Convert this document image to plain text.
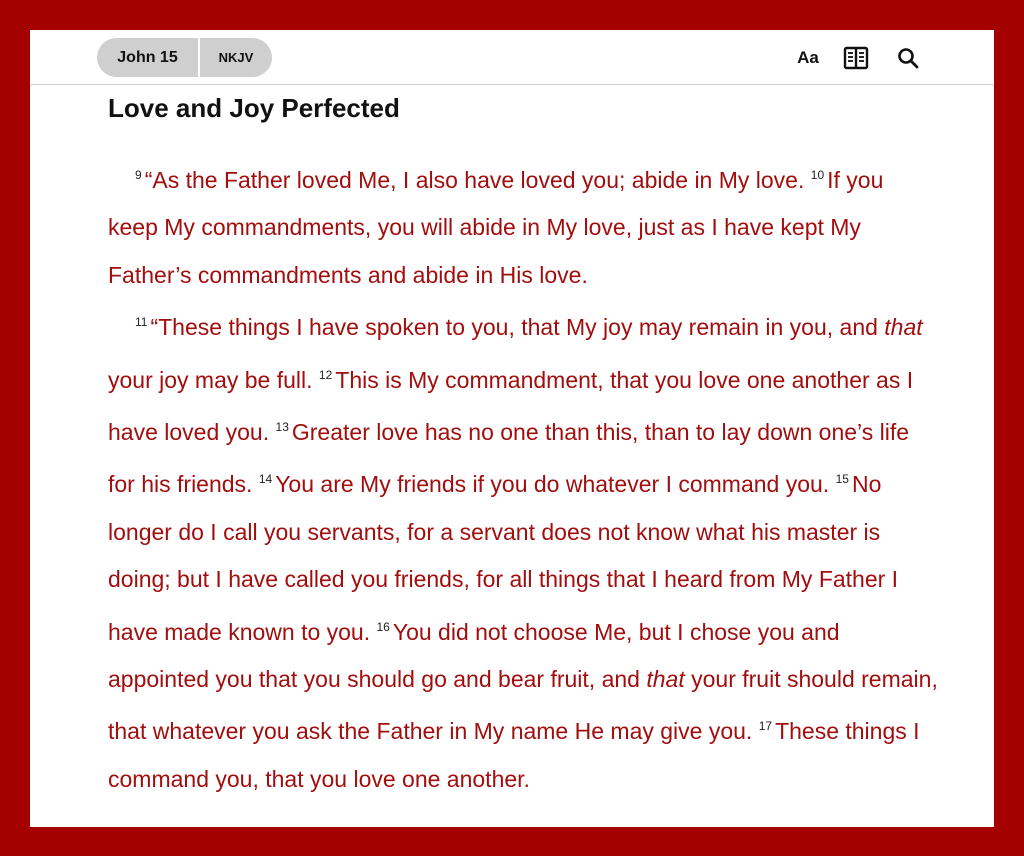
John 15	NKJV	Aa
Love and Joy Perfected

$^9$ “As the Father loved Me, I also have loved you; abide in My love. $^{10}$ If you keep My commandments, you will abide in My love, just as I have kept My Father’s commandments and abide in His love.

$^{11}$ “These things I have spoken to you, that My joy may remain in you, and that your joy may be full. $^{12}$ This is My commandment, that you love one another as I have loved you. $^{13}$ Greater love has no one than this, than to lay down one’s life for his friends. $^{14}$ You are My friends if you do whatever I command you. $^{15}$ No longer do I call you servants, for a servant does not know what his master is doing; but I have called you friends, for all things that I heard from My Father I have made known to you. $^{16}$ You did not choose Me, but I chose you and appointed you that you should go and bear fruit, and that your fruit should remain, that whatever you ask the Father in My name He may give you. $^{17}$ These things I command you, that you love one another.
